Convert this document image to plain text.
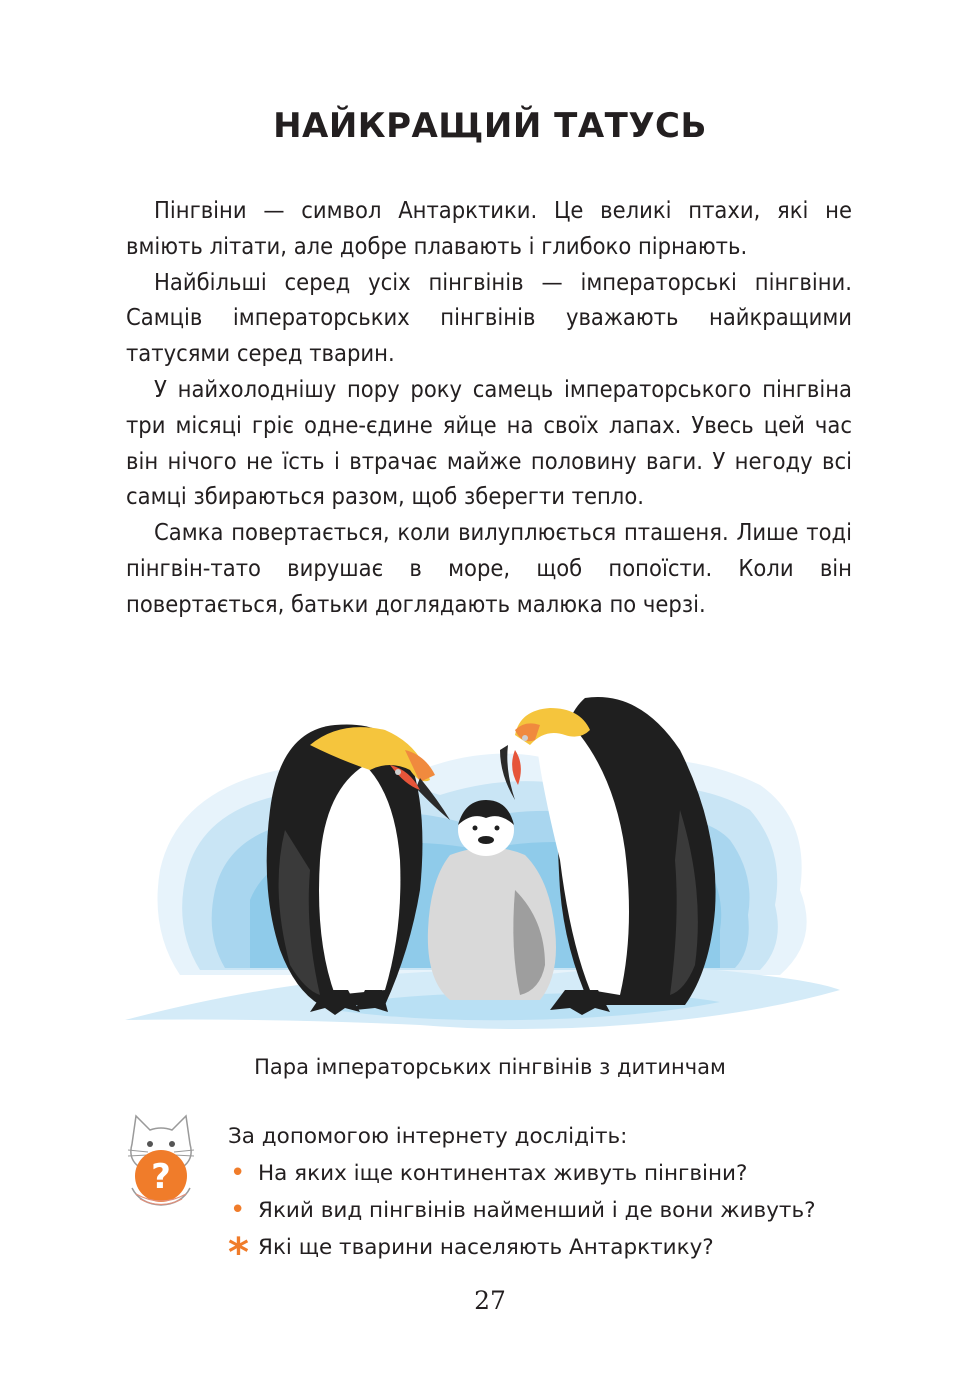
НАЙКРАЩИЙ ТАТУСЬ

Пінгвіни — символ Антарктики. Це великі птахи, які не вміють літати, але добре плавають і глибоко пірнають.

Найбільші серед усіх пінгвінів — імператорські пінгвіни. Самців імператорських пінгвінів уважають найкращими татусями серед тварин.

У найхолоднішу пору року самець імператорського пінгвіна три місяці гріє одне-єдине яйце на своїх лапах. Увесь цей час він нічого не їсть і втрачає майже половину ваги. У негоду всі самці збираються разом, щоб зберегти тепло.

Самка повертається, коли вилуплюється пташеня. Лише тоді пінгвін-тато вирушає в море, щоб попоїсти. Коли він повертається, батьки доглядають малюка по черзі.

Пара імператорських пінгвінів з дитинчам

?

За допомогою інтернету дослідіть:

• На яких іще континентах живуть пінгвіни?
• Який вид пінгвінів найменший і де вони живуть?
* Які ще тварини населяють Антарктику?

27
